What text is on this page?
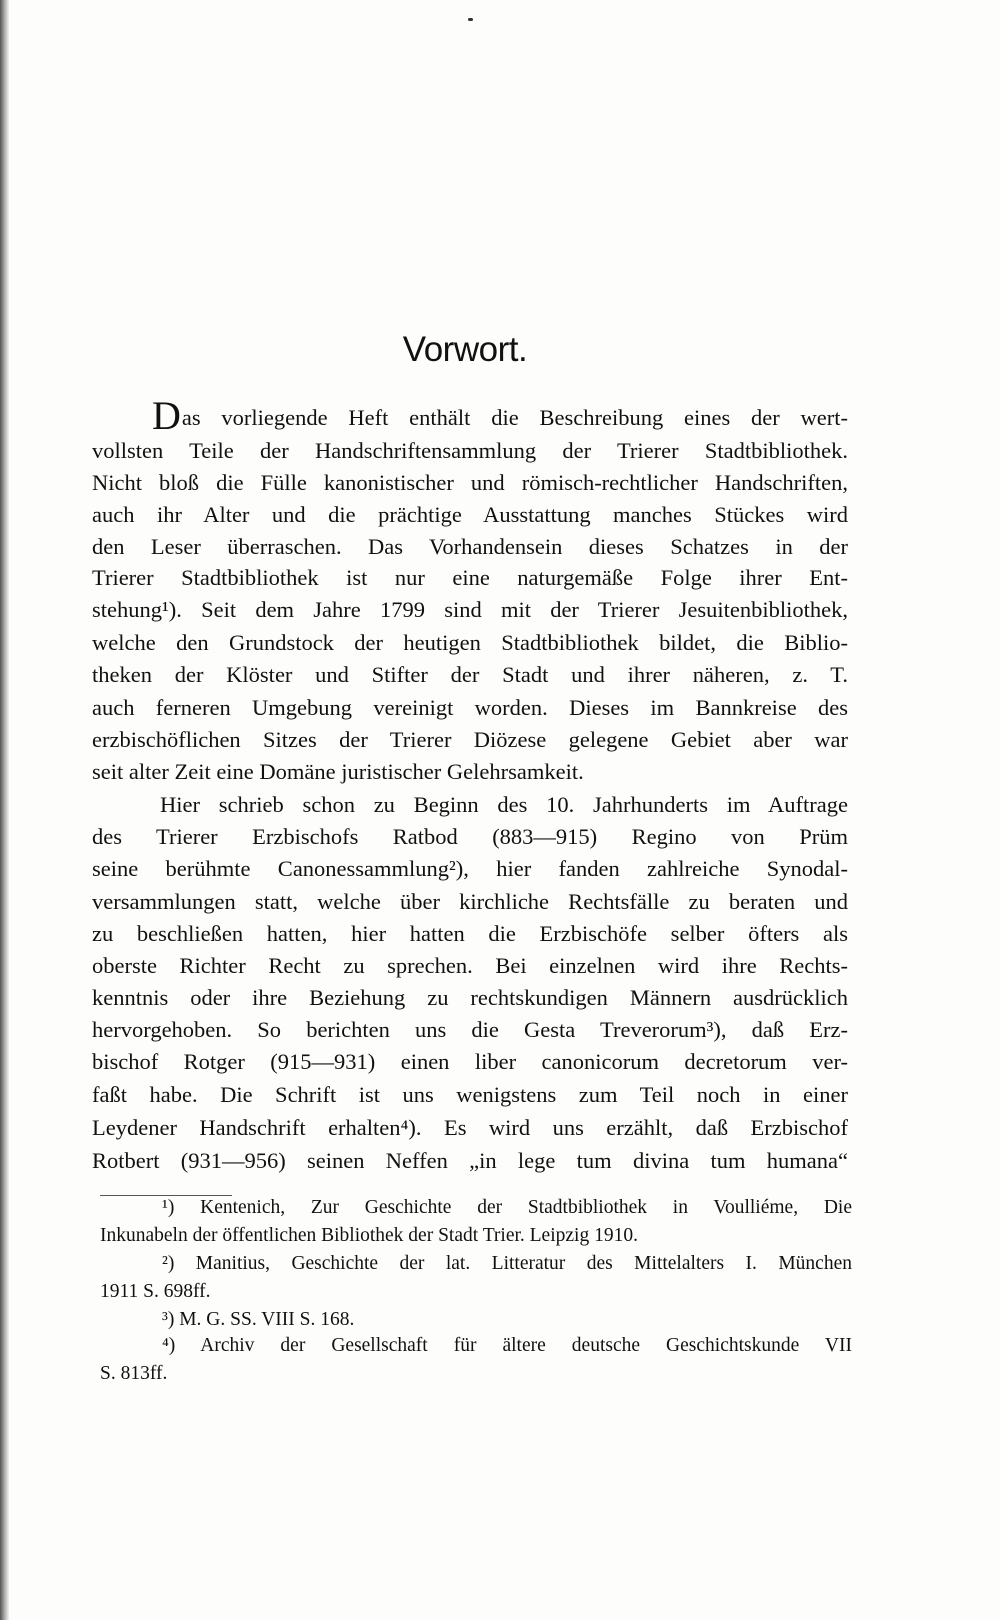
Vorwort.
Das vorliegende Heft enthält die Beschreibung eines der wert-
vollsten Teile der Handschriftensammlung der Trierer Stadtbibliothek.
Nicht bloß die Fülle kanonistischer und römisch-rechtlicher Handschriften,
auch ihr Alter und die prächtige Ausstattung manches Stückes wird
den Leser überraschen. Das Vorhandensein dieses Schatzes in der
Trierer Stadtbibliothek ist nur eine naturgemäße Folge ihrer Ent-
stehung¹). Seit dem Jahre 1799 sind mit der Trierer Jesuitenbibliothek,
welche den Grundstock der heutigen Stadtbibliothek bildet, die Biblio-
theken der Klöster und Stifter der Stadt und ihrer näheren, z. T.
auch ferneren Umgebung vereinigt worden. Dieses im Bannkreise des
erzbischöflichen Sitzes der Trierer Diözese gelegene Gebiet aber war
seit alter Zeit eine Domäne juristischer Gelehrsamkeit.
Hier schrieb schon zu Beginn des 10. Jahrhunderts im Auftrage
des Trierer Erzbischofs Ratbod (883—915) Regino von Prüm
seine berühmte Canonessammlung²), hier fanden zahlreiche Synodal-
versammlungen statt, welche über kirchliche Rechtsfälle zu beraten und
zu beschließen hatten, hier hatten die Erzbischöfe selber öfters als
oberste Richter Recht zu sprechen. Bei einzelnen wird ihre Rechts-
kenntnis oder ihre Beziehung zu rechtskundigen Männern ausdrücklich
hervorgehoben. So berichten uns die Gesta Treverorum³), daß Erz-
bischof Rotger (915—931) einen liber canonicorum decretorum ver-
faßt habe. Die Schrift ist uns wenigstens zum Teil noch in einer
Leydener Handschrift erhalten⁴). Es wird uns erzählt, daß Erzbischof
Rotbert (931—956) seinen Neffen „in lege tum divina tum humana“
¹) Kentenich, Zur Geschichte der Stadtbibliothek in Voulliéme, Die
Inkunabeln der öffentlichen Bibliothek der Stadt Trier. Leipzig 1910.
²) Manitius, Geschichte der lat. Litteratur des Mittelalters I. München
1911 S. 698ff.
³) M. G. SS. VIII S. 168.
⁴) Archiv der Gesellschaft für ältere deutsche Geschichtskunde VII
S. 813ff.
